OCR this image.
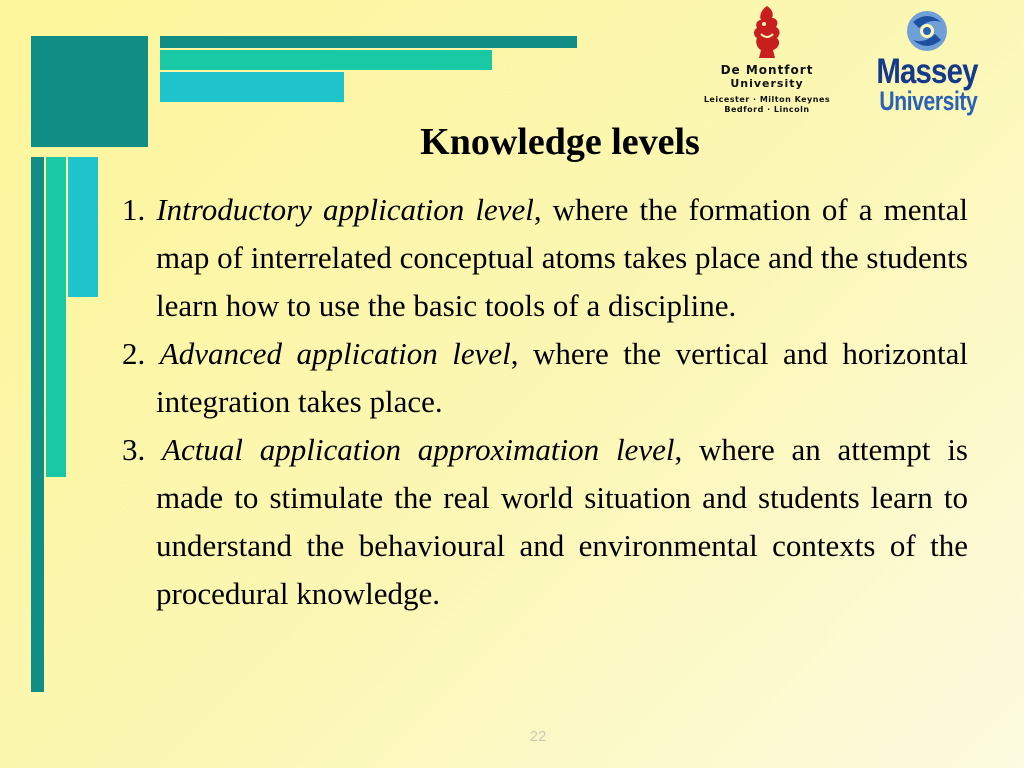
De Montfort
University
Leicester · Milton Keynes
Bedford · Lincoln
Massey
University
Knowledge levels

1. Introductory application level, where the formation of a mental map of interrelated conceptual atoms takes place and the students learn how to use the basic tools of a discipline.

2. Advanced application level, where the vertical and horizontal integration takes place.

3. Actual application approximation level, where an attempt is made to stimulate the real world situation and students learn to understand the behavioural and environmental contexts of the procedural knowledge.

22
